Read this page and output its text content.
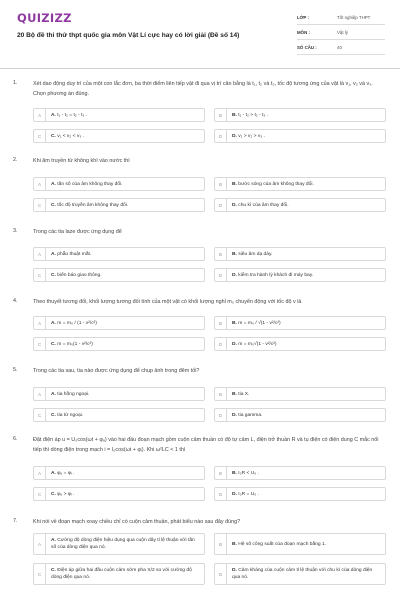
QUIZIZZ
20 Bộ đề thi thử thpt quốc gia môn Vật Lí cực hay có lời giải (Đề số 14)
LỚP :	Tốt nghiệp THPT
MÔN :	Vật lý
SỐ CÂU :	40
1.	Xét dao động duy trì của một con lắc đơn, ba thời điểm liên tiếp vật đi qua vị trí cân bằng là t₁, t₂ và t₃, tốc độ tương ứng của vật là v₁, v₂ và v₃. Chọn phương án đúng.
A	A. t₁ - t₂ = t₂ - t₃ .	B	B. t₁ - t₂ > t₂ - t₃ .
C	C. v₁ < v₂ < v₃ .	D	D. v₁ > v₂ > v₃ .
2.	Khi âm truyền từ không khí vào nước thì
A	A. tần số của âm không thay đổi.	B	B. bước sóng của âm không thay đổi.
C	C. tốc độ truyền âm không thay đổi.	D	D. chu kì của âm thay đổi.
3.	Trong các tia laze được ứng dụng để
A	A. phẫu thuật mắt.	B	B. siêu âm dạ dày.
C	C. biến báo giao thông.	D	D. kiểm tra hành lý khách đi máy bay.
4.	Theo thuyết tương đối, khối lượng tương đối tính của một vật có khối lượng nghỉ m₀ chuyển động với tốc độ v là
A	A. m = m₀ / (1 - v²/c²)	B	B. m = m₀ / √(1 - v²/c²)
C	C. m = m₀(1 - v²/c²)	D	D. m = m₀√(1 - v²/c²)
5.	Trong các tia sau, tia nào được ứng dụng để chụp ảnh trong đêm tối?
A	A. tia hồng ngoại.	B	B. tia X.
C	C. tia tử ngoại.	D	D. tia gamma.
6.	Đặt điện áp u = U₀cos(ωt + φᵤ) vào hai đầu đoạn mạch gồm cuộn cảm thuần có độ tự cảm L, điện trở thuần R và tụ điện có điện dung C mắc nối tiếp thì dòng điện trong mạch i = I₀cos(ωt + φᵢ). Khi ω²LC < 1 thì
A	A. φᵤ = φᵢ .	B	B. I₀R < U₀ .
C	C. φᵤ > φᵢ .	D	D. I₀R = U₀ .
7.	Khi nói về đoạn mạch xoay chiều chỉ có cuộn cảm thuần, phát biểu nào sau đây đúng?
A
A. Cường độ dòng điện hiệu dụng qua cuộn dây tỉ lệ thuận với tần số của dòng điện qua nó.
B	B. Hệ số công suất của đoạn mạch bằng 1.
C
C. Điện áp giữa hai đầu cuộn cảm sớm pha π/2 so với cường độ dòng điện qua nó.
D
D. Cảm kháng của cuộn cảm tỉ lệ thuận với chu kì của dòng điện qua nó.
